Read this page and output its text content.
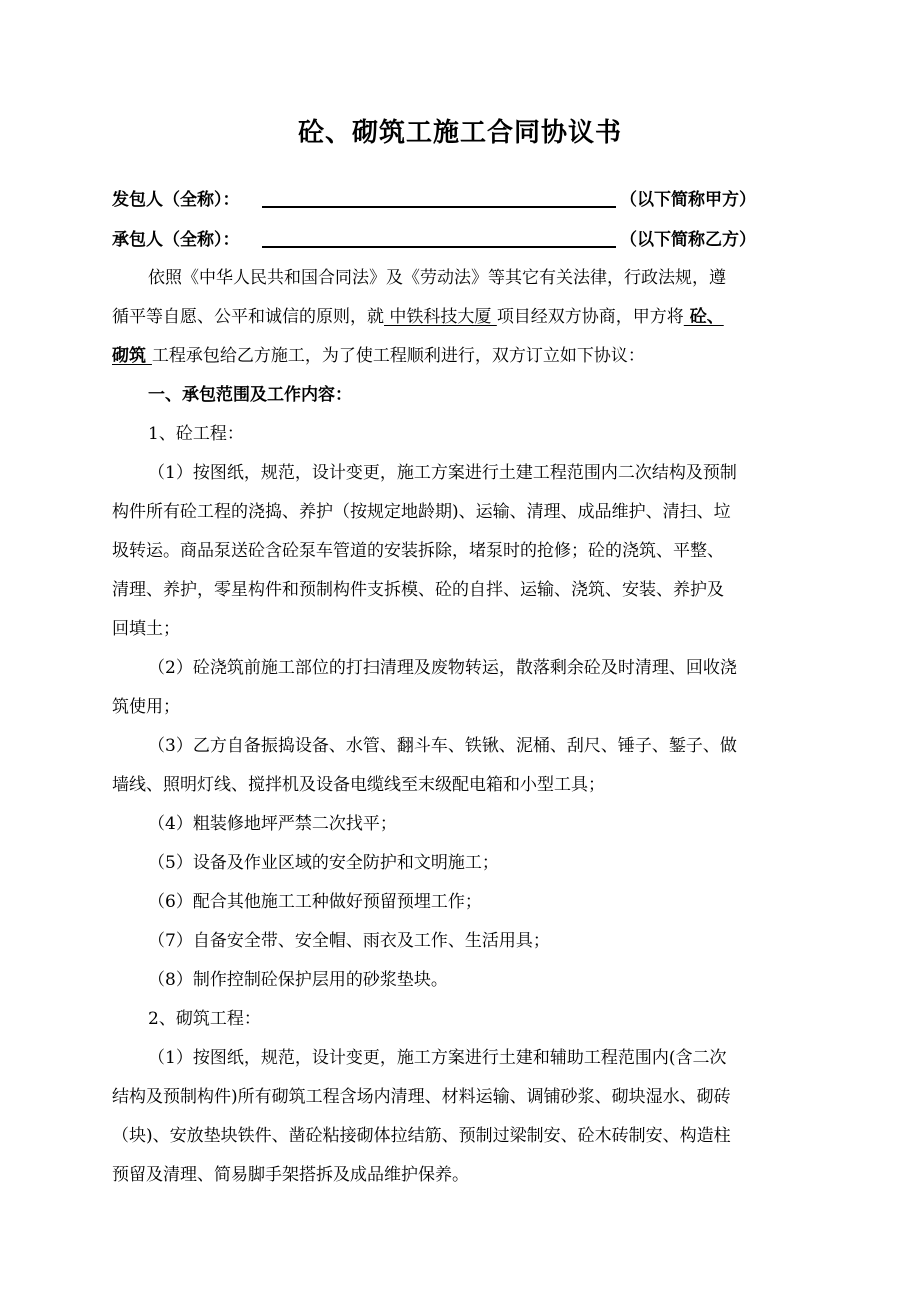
砼、砌筑工施工合同协议书
发包人（全称）：	（以下简称甲方）
承包人（全称）：	（以下简称乙方）
依照《中华人民共和国合同法》及《劳动法》等其它有关法律，行政法规，遵
循平等自愿、公平和诚信的原则，就 中铁科技大厦 项目经双方协商，甲方将 砼、
砌筑 工程承包给乙方施工，为了使工程顺利进行，双方订立如下协议：
一、承包范围及工作内容：
1、砼工程：
（1）按图纸，规范，设计变更，施工方案进行土建工程范围内二次结构及预制
构件所有砼工程的浇捣、养护（按规定地龄期)、运输、清理、成品维护、清扫、垃
圾转运。商品泵送砼含砼泵车管道的安装拆除，堵泵时的抢修；砼的浇筑、平整、
清理、养护，零星构件和预制构件支拆模、砼的自拌、运输、浇筑、安装、养护及
回填土；
（2）砼浇筑前施工部位的打扫清理及废物转运，散落剩余砼及时清理、回收浇
筑使用；
（3）乙方自备振捣设备、水管、翻斗车、铁锹、泥桶、刮尺、锤子、錾子、做
墙线、照明灯线、搅拌机及设备电缆线至末级配电箱和小型工具；
（4）粗装修地坪严禁二次找平；
（5）设备及作业区域的安全防护和文明施工；
（6）配合其他施工工种做好预留预埋工作；
（7）自备安全带、安全帽、雨衣及工作、生活用具；
（8）制作控制砼保护层用的砂浆垫块。
2、砌筑工程：
（1）按图纸，规范，设计变更，施工方案进行土建和辅助工程范围内(含二次
结构及预制构件)所有砌筑工程含场内清理、材料运输、调铺砂浆、砌块湿水、砌砖
（块)、安放垫块铁件、凿砼粘接砌体拉结筋、预制过梁制安、砼木砖制安、构造柱
预留及清理、简易脚手架搭拆及成品维护保养。
